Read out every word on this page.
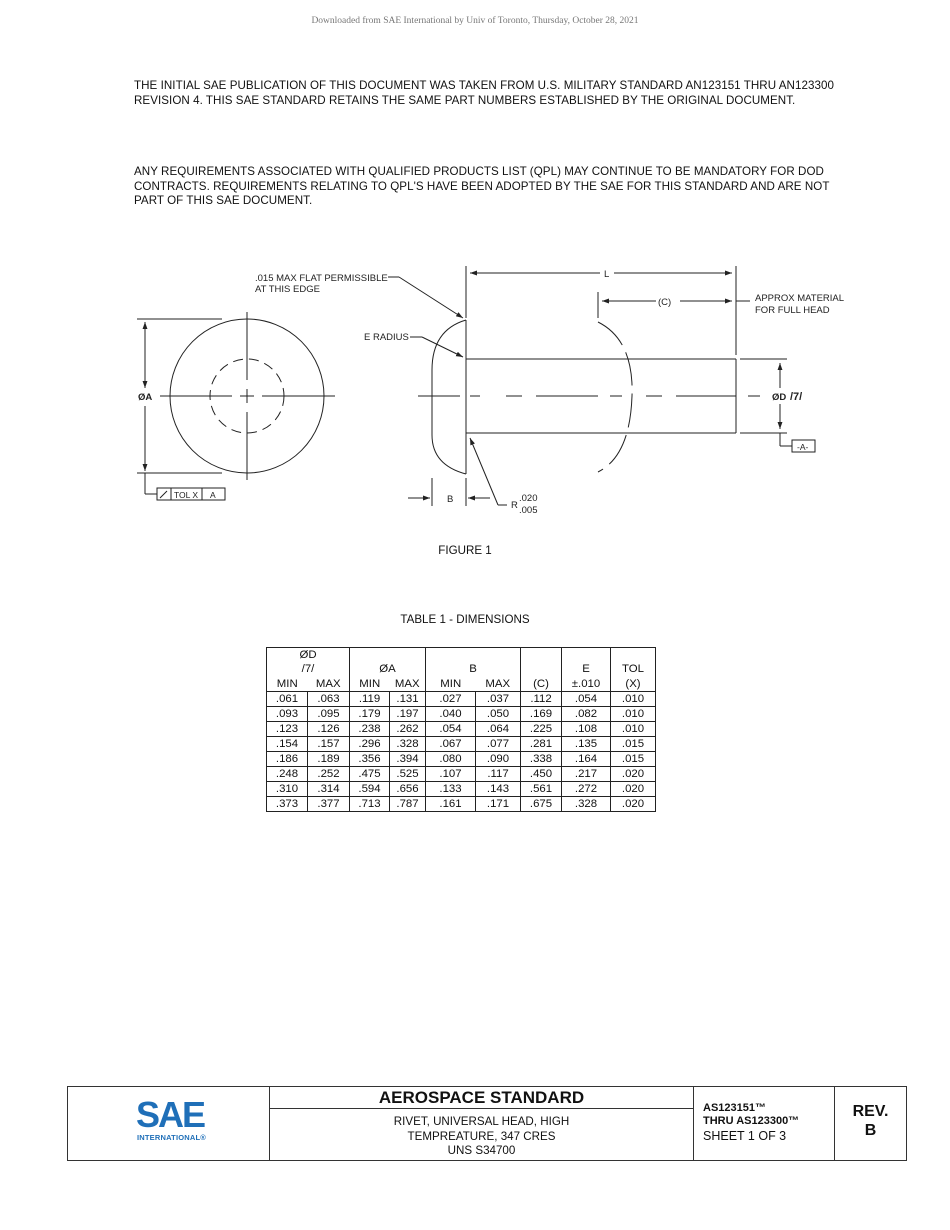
Downloaded from SAE International by Univ of Toronto, Thursday, October 28, 2021
THE INITIAL SAE PUBLICATION OF THIS DOCUMENT WAS TAKEN FROM U.S. MILITARY STANDARD AN123151 THRU AN123300 REVISION 4. THIS SAE STANDARD RETAINS THE SAME PART NUMBERS ESTABLISHED BY THE ORIGINAL DOCUMENT.
ANY REQUIREMENTS ASSOCIATED WITH QUALIFIED PRODUCTS LIST (QPL) MAY CONTINUE TO BE MANDATORY FOR DOD CONTRACTS. REQUIREMENTS RELATING TO QPL'S HAVE BEEN ADOPTED BY THE SAE FOR THIS STANDARD AND ARE NOT PART OF THIS SAE DOCUMENT.
.015 MAX FLAT PERMISSIBLE
AT THIS EDGE
E RADIUS
L
(C)	APPROX MATERIAL
FOR FULL HEAD
ØA	ØD /7/
-A-
B
R
.020
.005
TOL X A
FIGURE 1
TABLE 1 - DIMENSIONS
ØD
/7/		ØA		B			E	TOL
MIN	MAX	MIN	MAX	MIN	MAX	(C)	±.010	(X)
.061	.063	.119	.131	.027	.037	.112	.054	.010
.093	.095	.179	.197	.040	.050	.169	.082	.010
.123	.126	.238	.262	.054	.064	.225	.108	.010
.154	.157	.296	.328	.067	.077	.281	.135	.015
.186	.189	.356	.394	.080	.090	.338	.164	.015
.248	.252	.475	.525	.107	.117	.450	.217	.020
.310	.314	.594	.656	.133	.143	.561	.272	.020
.373	.377	.713	.787	.161	.171	.675	.328	.020
SAE
INTERNATIONAL®
AEROSPACE STANDARD
RIVET, UNIVERSAL HEAD, HIGH
TEMPREATURE, 347 CRES
UNS S34700
AS123151™
THRU AS123300™
SHEET 1 OF 3
REV.
B
